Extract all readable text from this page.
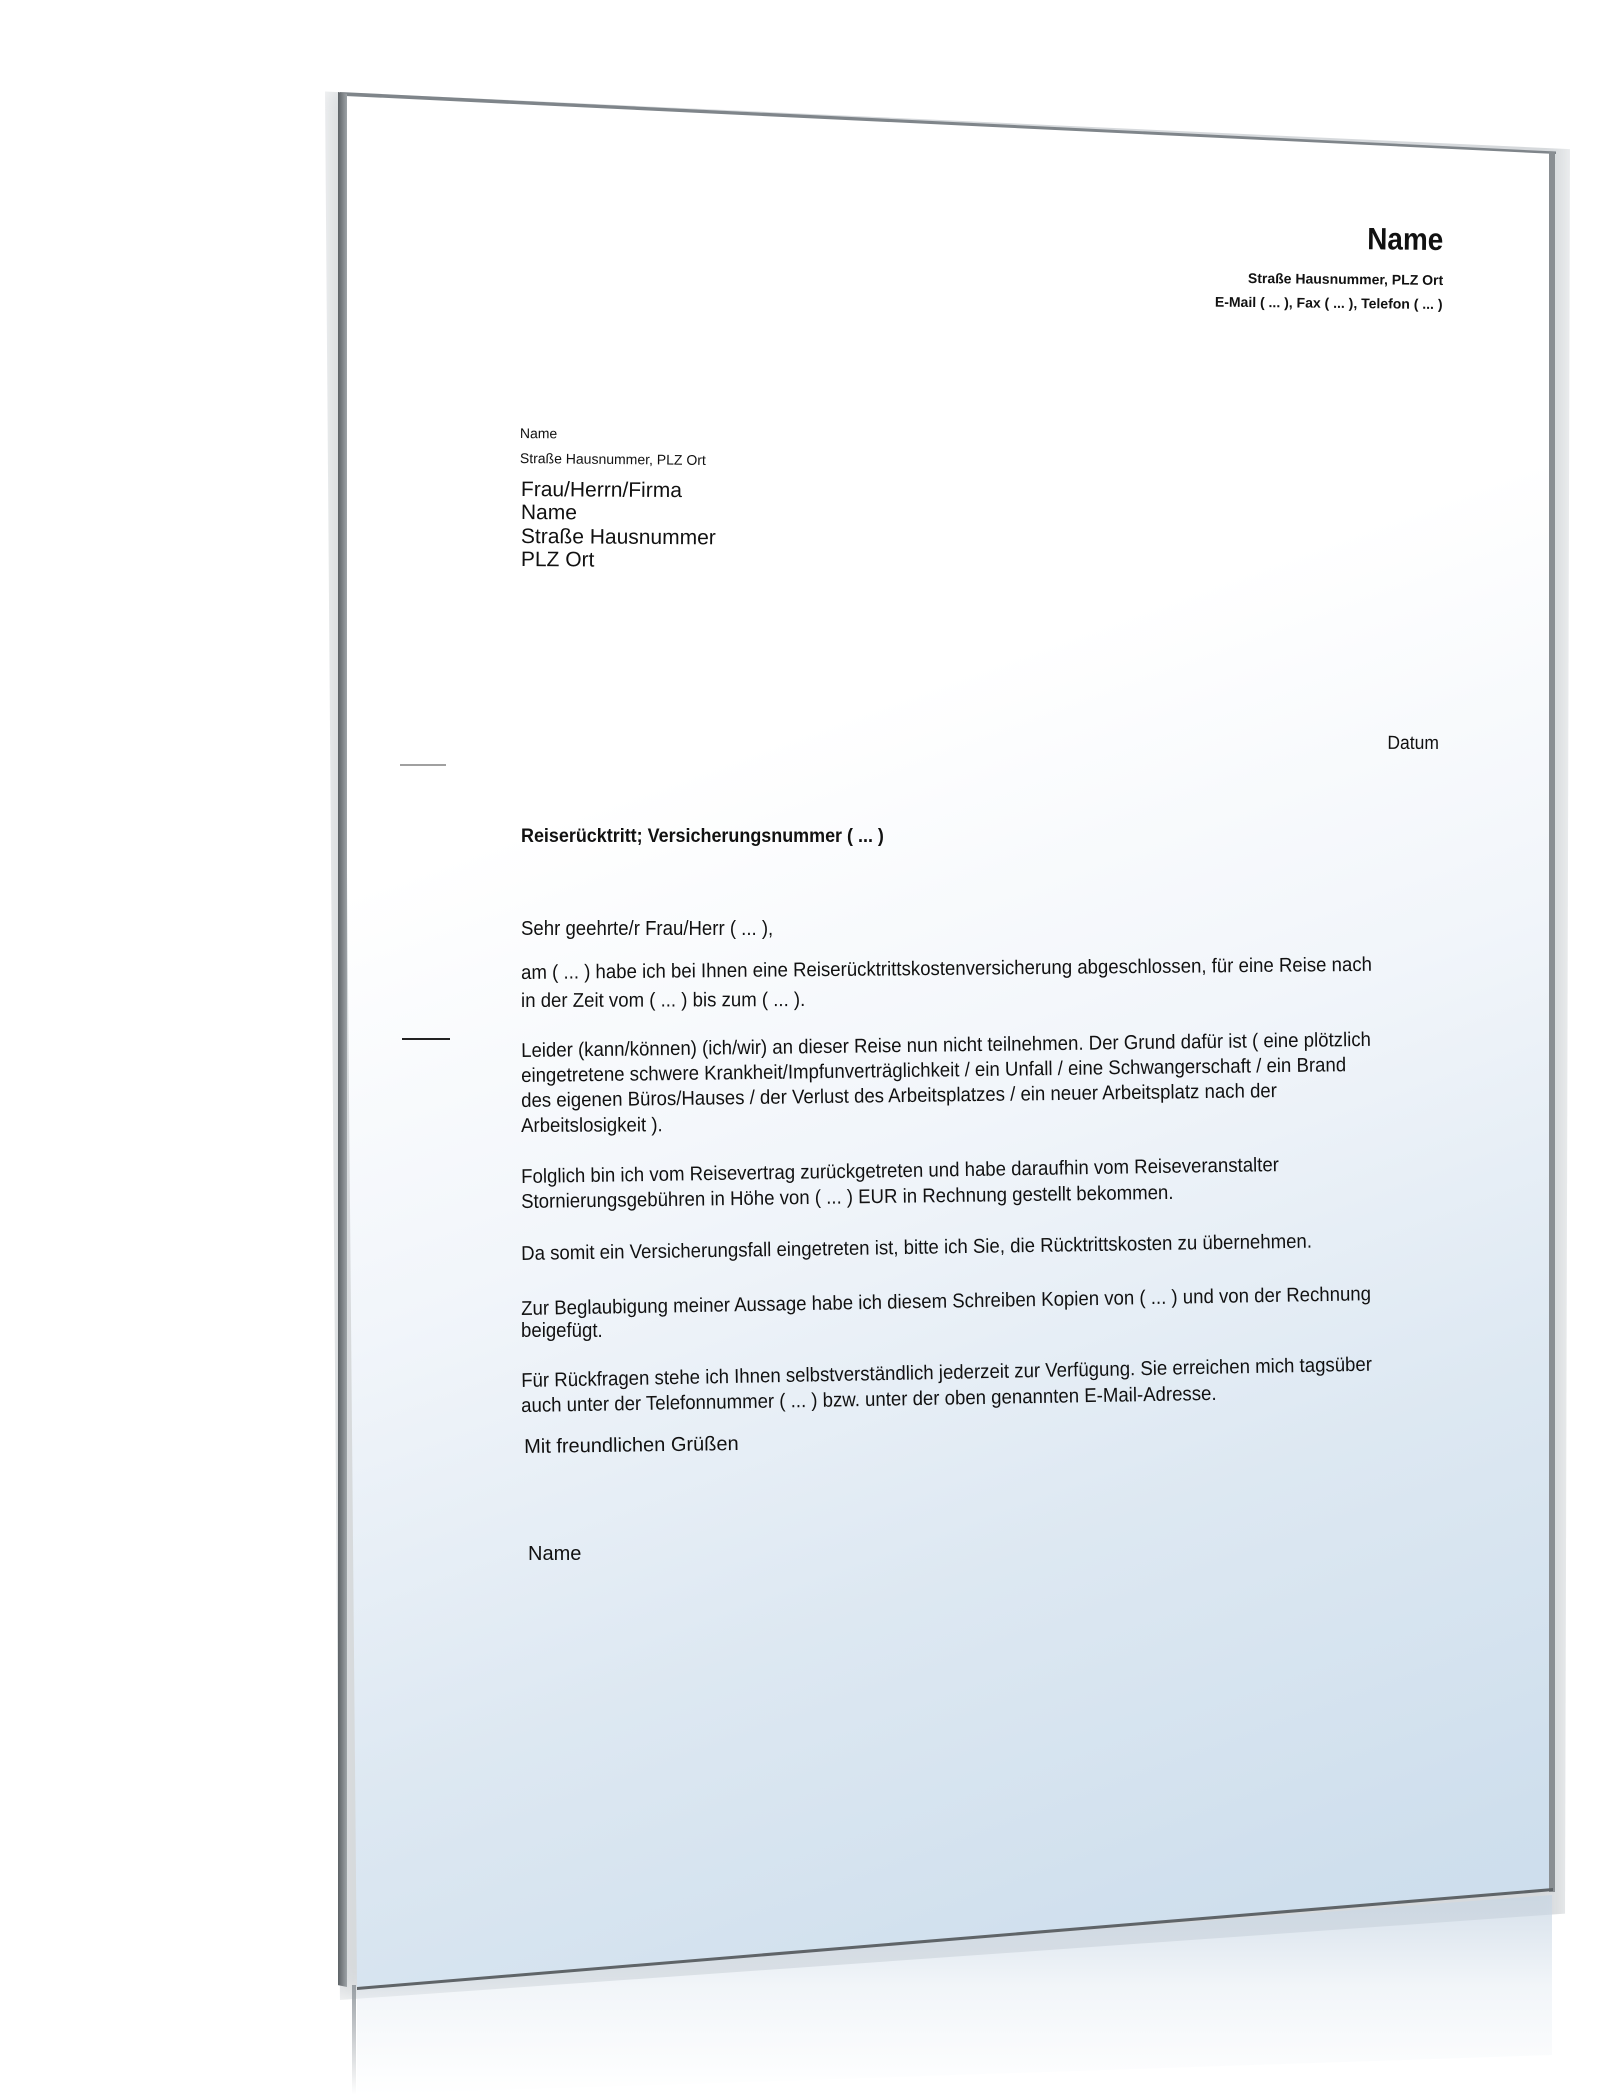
Name
Straße Hausnummer, PLZ Ort
E-Mail ( ... ), Fax ( ... ), Telefon ( ... )
Name
Straße Hausnummer, PLZ Ort
Frau/Herrn/Firma
Name
Straße Hausnummer
PLZ Ort
Datum
Reiserücktritt; Versicherungsnummer ( ... )
Sehr geehrte/r Frau/Herr ( ... ),
am ( ... ) habe ich bei Ihnen eine Reiserücktrittskostenversicherung abgeschlossen, für eine Reise nach
in der Zeit vom ( ... ) bis zum ( ... ).
Leider (kann/können) (ich/wir) an dieser Reise nun nicht teilnehmen. Der Grund dafür ist ( eine plötzlich
eingetretene schwere Krankheit/Impfunverträglichkeit / ein Unfall / eine Schwangerschaft / ein Brand
des eigenen Büros/Hauses / der Verlust des Arbeitsplatzes / ein neuer Arbeitsplatz nach der
Arbeitslosigkeit ).
Folglich bin ich vom Reisevertrag zurückgetreten und habe daraufhin vom Reiseveranstalter
Stornierungsgebühren in Höhe von ( ... ) EUR in Rechnung gestellt bekommen.
Da somit ein Versicherungsfall eingetreten ist, bitte ich Sie, die Rücktrittskosten zu übernehmen.
Zur Beglaubigung meiner Aussage habe ich diesem Schreiben Kopien von ( ... ) und von der Rechnung
beigefügt.
Für Rückfragen stehe ich Ihnen selbstverständlich jederzeit zur Verfügung. Sie erreichen mich tagsüber
auch unter der Telefonnummer ( ... ) bzw. unter der oben genannten E-Mail-Adresse.
Mit freundlichen Grüßen
Name
